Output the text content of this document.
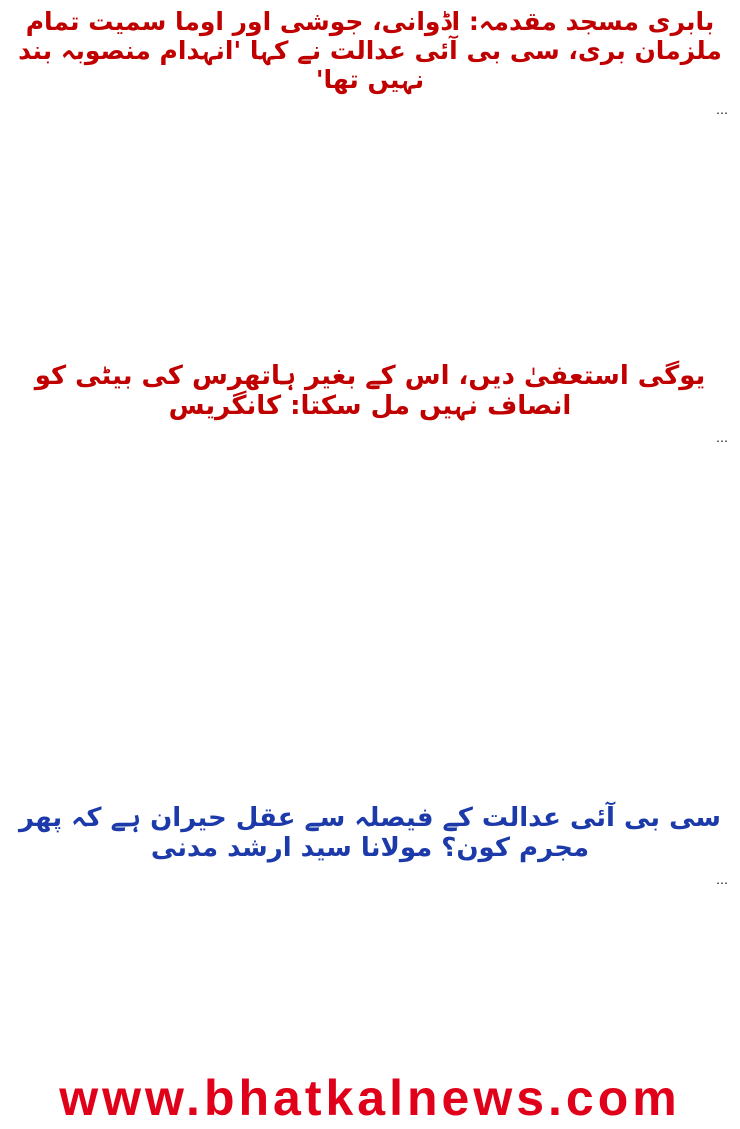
بابری مسجد مقدمہ: اڈوانی، جوشی اور اوما سمیت تمام ملزمان بری، سی بی آئی عدالت نے کہا 'انہدام منصوبہ بند نہیں تھا'

…

یوگی استعفیٰ دیں، اس کے بغیر ہاتھرس کی بیٹی کو انصاف نہیں مل سکتا: کانگریس

…

سی بی آئی عدالت کے فیصلہ سے عقل حیران ہے کہ پھر مجرم کون؟ مولانا سید ارشد مدنی

…

www.bhatkalnews.com
